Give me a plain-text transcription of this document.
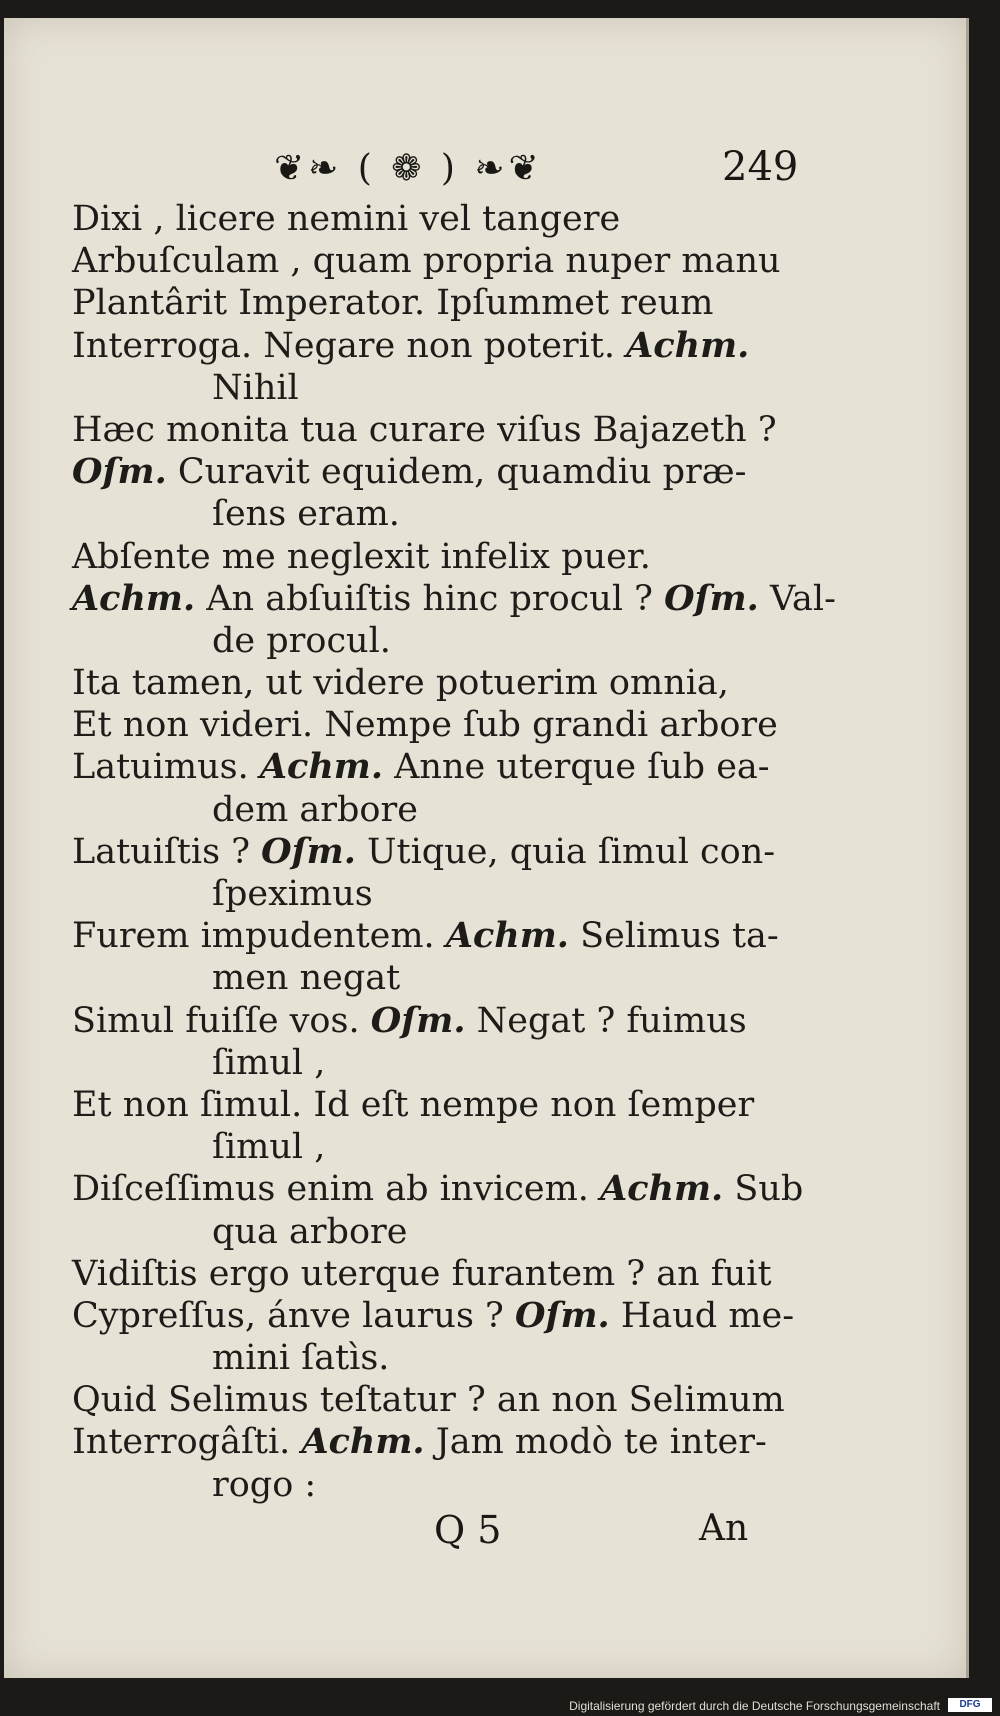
❦❧ ( ❁ ) ❧❦	249
Dixi , licere nemini vel tangere
Arbuſculam , quam propria nuper manu
Plantârit Imperator. Ipſummet reum
Interroga. Negare non poterit. Achm.
Nihil
Hæc monita tua curare viſus Bajazeth ?
Oſm. Curavit equidem, quamdiu præ-
ſens eram.
Abſente me neglexit infelix puer.
Achm. An abſuiſtis hinc procul ? Oſm. Val-
de procul.
Ita tamen, ut videre potuerim omnia,
Et non videri. Nempe ſub grandi arbore
Latuimus. Achm. Anne uterque ſub ea-
dem arbore
Latuiſtis ? Oſm. Utique, quia ſimul con-
ſpeximus
Furem impudentem. Achm. Selimus ta-
men negat
Simul fuiſſe vos. Oſm. Negat ? fuimus
ſimul ,
Et non ſimul. Id eſt nempe non ſemper
ſimul ,
Diſceſſimus enim ab invicem. Achm. Sub
qua arbore
Vidiſtis ergo uterque furantem ? an fuit
Cypreſſus, ánve laurus ? Oſm. Haud me-
mini ſatìs.
Quid Selimus teſtatur ? an non Selimum
Interrogâſti. Achm. Jam modò te inter-
rogo :
Q 5	An
Digitalisierung gefördert durch die Deutsche Forschungsgemeinschaft	DFG
